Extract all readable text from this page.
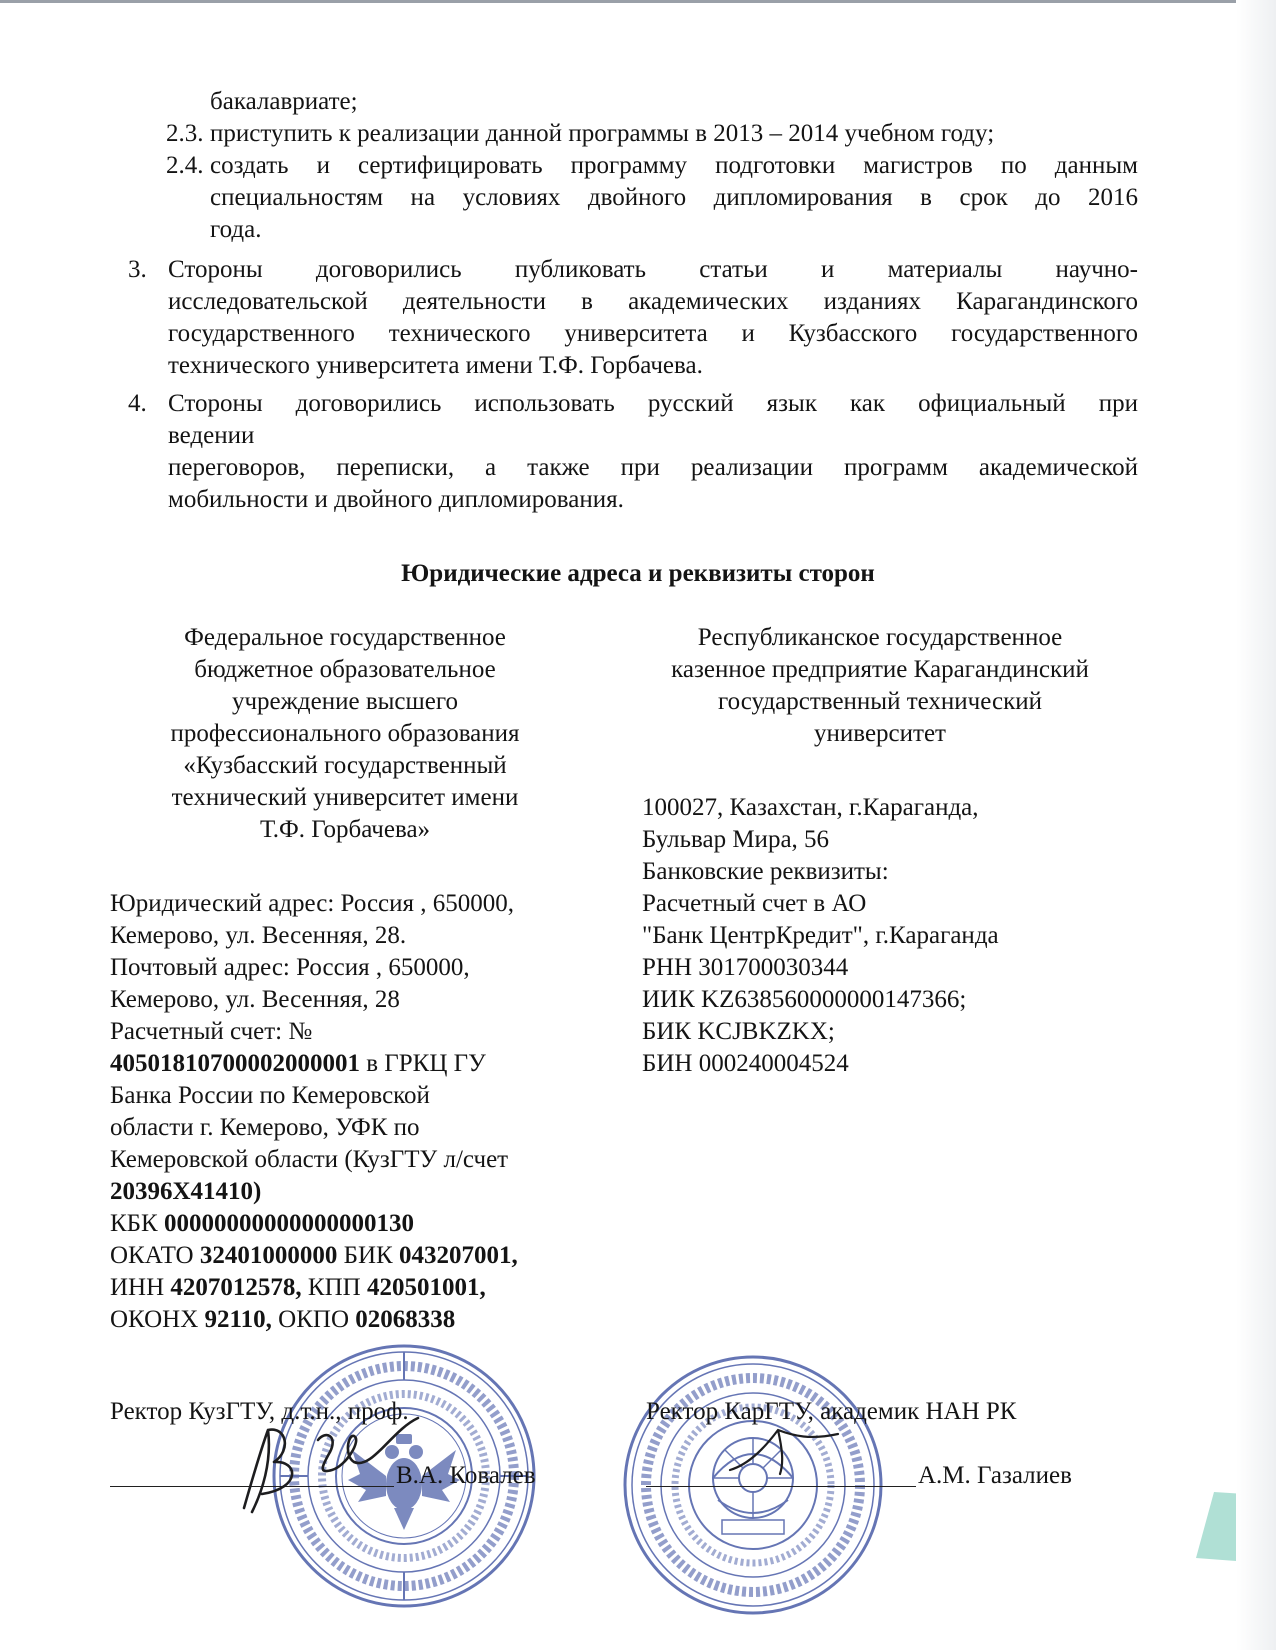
бакалавриате;
2.3. приступить к реализации данной программы в 2013 – 2014 учебном году;
2.4. создать и сертифицировать программу подготовки магистров по данным
специальностям на условиях двойного дипломирования в срок до 2016
года.
3. Стороны договорились публиковать статьи и материалы научно-
исследовательской деятельности в академических изданиях Карагандинского
государственного технического университета и Кузбасского государственного
технического университета имени Т.Ф. Горбачева.
4. Стороны договорились использовать русский язык как официальный при
ведении
переговоров, переписки, а также при реализации программ академической
мобильности и двойного дипломирования.
Юридические адреса и реквизиты сторон
Федеральное государственное
бюджетное образовательное
учреждение высшего
профессионального образования
«Кузбасский государственный
технический университет имени
Т.Ф. Горбачева»
Республиканское государственное
казенное предприятие Карагандинский
государственный технический
университет
Юридический адрес: Россия , 650000,
Кемерово, ул. Весенняя, 28.
Почтовый адрес: Россия , 650000,
Кемерово, ул. Весенняя, 28
Расчетный счет: №
40501810700002000001 в ГРКЦ ГУ
Банка России по Кемеровской
области г. Кемерово, УФК по
Кемеровской области (КузГТУ л/счет
20396Х41410)
КБК 00000000000000000130
ОКАТО 32401000000 БИК 043207001,
ИНН 4207012578, КПП 420501001,
ОКОНХ 92110, ОКПО 02068338
100027, Казахстан, г.Караганда,
Бульвар Мира, 56
Банковские реквизиты:
Расчетный счет в АО
"Банк ЦентрКредит", г.Караганда
РНН 301700030344
ИИК KZ638560000000147366;
БИК KCJBKZKX;
БИН 000240004524
Ректор КузГТУ, д.т.н., проф.	Ректор КарГТУ, академик НАН РК
В.А. Ковалев	А.М. Газалиев
